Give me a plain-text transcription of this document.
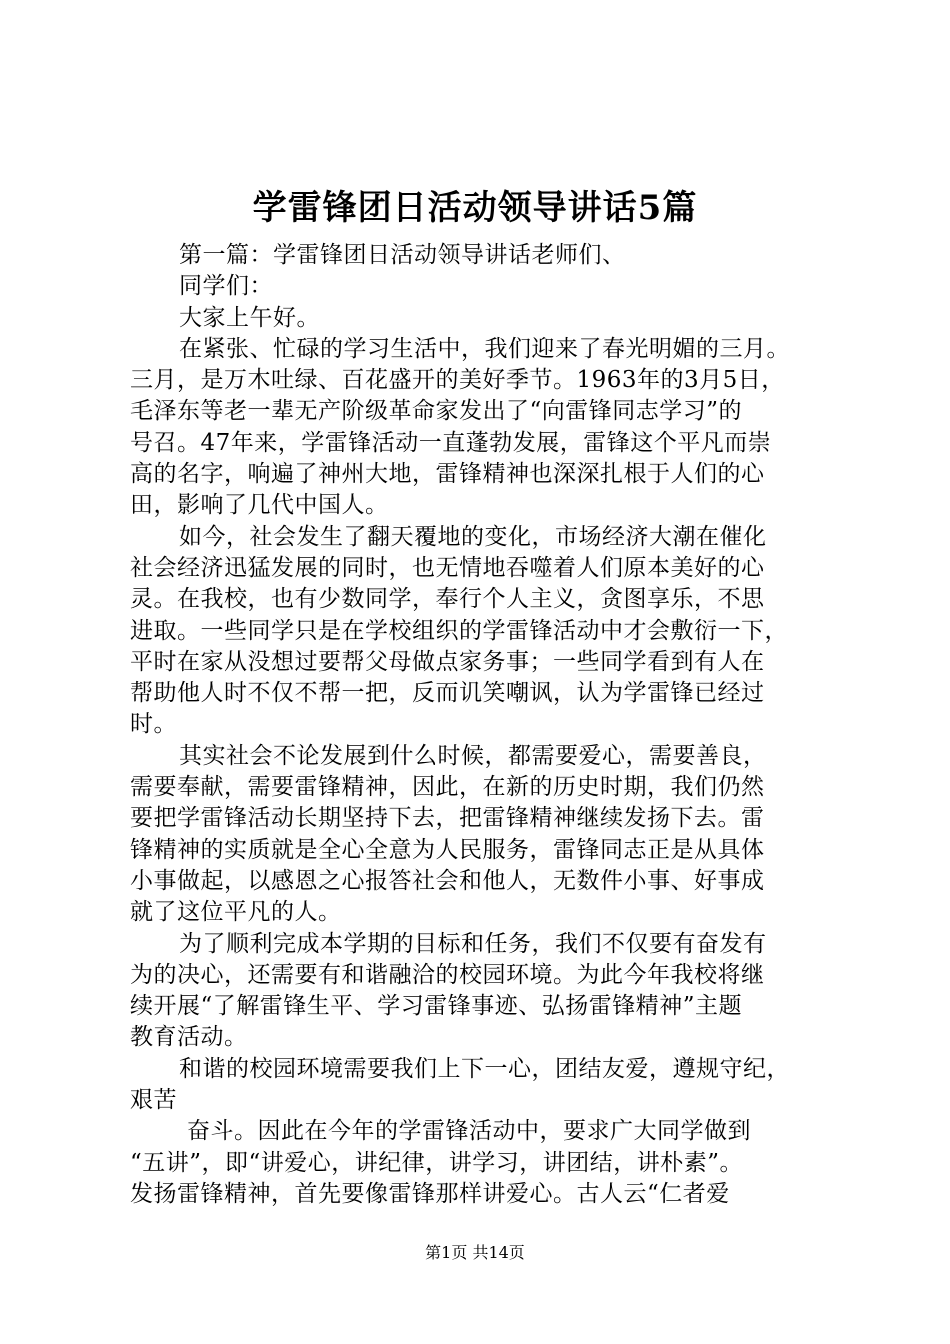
学雷锋团日活动领导讲话5篇
第一篇：学雷锋团日活动领导讲话老师们、
同学们：
大家上午好。
在紧张、忙碌的学习生活中，我们迎来了春光明媚的三月。
三月，是万木吐绿、百花盛开的美好季节。1963年的3月5日，
毛泽东等老一辈无产阶级革命家发出了“向雷锋同志学习”的
号召。47年来，学雷锋活动一直蓬勃发展，雷锋这个平凡而崇
高的名字，响遍了神州大地，雷锋精神也深深扎根于人们的心
田，影响了几代中国人。
如今，社会发生了翻天覆地的变化，市场经济大潮在催化
社会经济迅猛发展的同时，也无情地吞噬着人们原本美好的心
灵。在我校，也有少数同学，奉行个人主义，贪图享乐，不思
进取。一些同学只是在学校组织的学雷锋活动中才会敷衍一下，
平时在家从没想过要帮父母做点家务事；一些同学看到有人在
帮助他人时不仅不帮一把，反而讥笑嘲讽，认为学雷锋已经过
时。
其实社会不论发展到什么时候，都需要爱心，需要善良，
需要奉献，需要雷锋精神，因此，在新的历史时期，我们仍然
要把学雷锋活动长期坚持下去，把雷锋精神继续发扬下去。雷
锋精神的实质就是全心全意为人民服务，雷锋同志正是从具体
小事做起，以感恩之心报答社会和他人，无数件小事、好事成
就了这位平凡的人。
为了顺利完成本学期的目标和任务，我们不仅要有奋发有
为的决心，还需要有和谐融洽的校园环境。为此今年我校将继
续开展“了解雷锋生平、学习雷锋事迹、弘扬雷锋精神”主题
教育活动。
和谐的校园环境需要我们上下一心，团结友爱，遵规守纪，
艰苦
奋斗。因此在今年的学雷锋活动中，要求广大同学做到
“五讲”，即“讲爱心，讲纪律，讲学习，讲团结，讲朴素”。
发扬雷锋精神，首先要像雷锋那样讲爱心。古人云“仁者爱
第1页 共14页
